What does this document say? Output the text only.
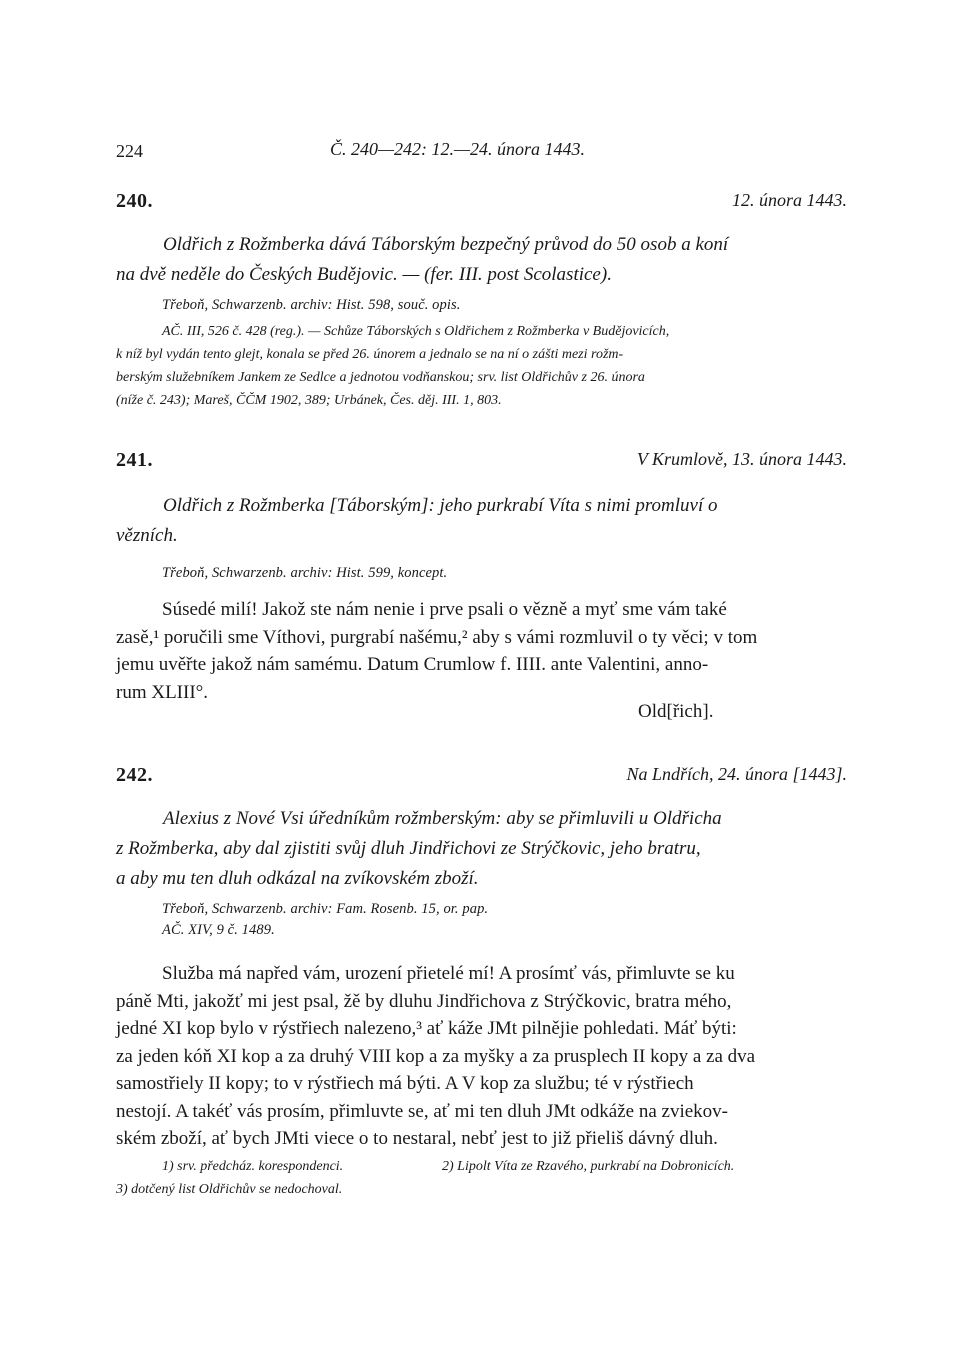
224	Č. 240—242: 12.—24. února 1443.
240.	12. února 1443.
Oldřich z Rožmberka dává Táborským bezpečný průvod do 50 osob a koní
na dvě neděle do Českých Budějovic. — (fer. III. post Scolastice).
Třeboň, Schwarzenb. archiv: Hist. 598, souč. opis.
AČ. III, 526 č. 428 (reg.). — Schůze Táborských s Oldřichem z Rožmberka v Budějovicích,
k níž byl vydán tento glejt, konala se před 26. únorem a jednalo se na ní o zášti mezi rožm-
berským služebníkem Jankem ze Sedlce a jednotou vodňanskou; srv. list Oldřichův z 26. února
(níže č. 243); Mareš, ČČM 1902, 389; Urbánek, Čes. děj. III. 1, 803.
241.	V Krumlově, 13. února 1443.
Oldřich z Rožmberka [Táborským]: jeho purkrabí Víta s nimi promluví o
vězních.
Třeboň, Schwarzenb. archiv: Hist. 599, koncept.
Súsedé milí! Jakož ste nám nenie i prve psali o vězně a myť sme vám také
zasě,¹ poručili sme Víthovi, purgrabí našému,² aby s vámi rozmluvil o ty věci; v tom
jemu uvěřte jakož nám samému. Datum Crumlow f. IIII. ante Valentini, anno-
rum XLIII°.
Old[řich].
242.	Na Lndřích, 24. února [1443].
Alexius z Nové Vsi úředníkům rožmberským: aby se přimluvili u Oldřicha
z Rožmberka, aby dal zjistiti svůj dluh Jindřichovi ze Strýčkovic, jeho bratru,
a aby mu ten dluh odkázal na zvíkovském zboží.
Třeboň, Schwarzenb. archiv: Fam. Rosenb. 15, or. pap.
AČ. XIV, 9 č. 1489.
Služba má napřed vám, urození přietelé mí! A prosímť vás, přimluvte se ku
páně Mti, jakožť mi jest psal, žě by dluhu Jindřichova z Strýčkovic, bratra mého,
jedné XI kop bylo v rýstřiech nalezeno,³ ať káže JMt pilnějie pohledati. Máť býti:
za jeden kóň XI kop a za druhý VIII kop a za myšky a za prusplech II kopy a za dva
samostřiely II kopy; to v rýstřiech má býti. A V kop za službu; té v rýstřiech
nestojí. A takéť vás prosím, přimluvte se, ať mi ten dluh JMt odkáže na zviekov-
ském zboží, ať bych JMti viece o to nestaral, nebť jest to již přieliš dávný dluh.
1) srv. předcház. korespondenci.	2) Lipolt Víta ze Rzavého, purkrabí na Dobronicích.
3) dotčený list Oldřichův se nedochoval.
